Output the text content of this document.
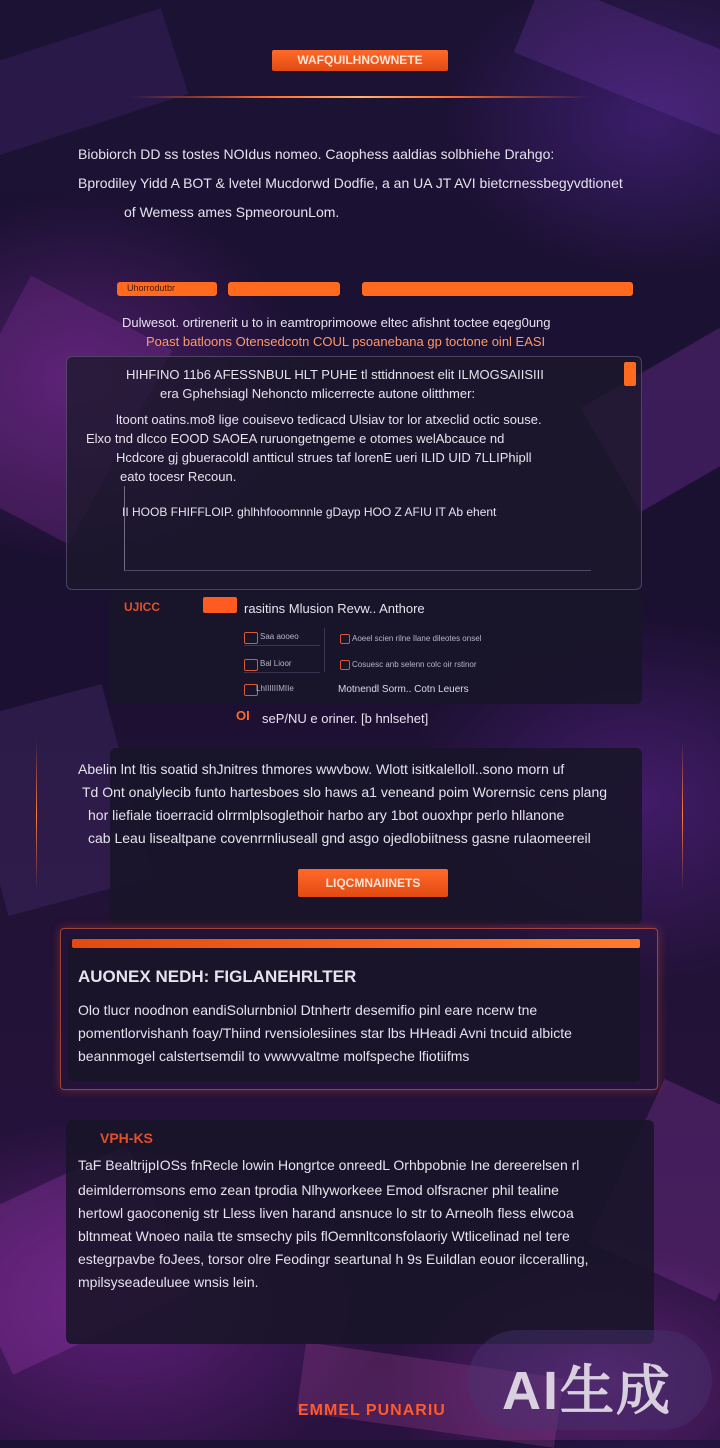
WAFQUILHNOWNETE
Biobiorch DD ss tostes NOIdus nomeo. Caophess aaldias solbhiehe Drahgo:
Bprodiley Yidd A BOT & lvetel Mucdorwd Dodfie, a an UA JT AVI bietcrnessbegyvdtionet
of Wemess ames SpmeorounLom.
Uhorrodutbr
Dulwesot. ortirenerit u to in eamtroprimoowe eltec afishnt toctee eqeg0ung
Poast batloons Otensedcotn COUL psoanebana gp toctone oinl EASI
HIHFINO 11b6 AFESSNBUL HLT PUHE tl sttidnnoest elit ILMOGSAIISIII
era Gphehsiagl Nehoncto mlicerrecte autone olitthmer:
ltoont oatins.mo8 lige couisevo tedicacd Ulsiav tor lor atxeclid octic souse.
Elxo tnd dlcco EOOD SAOEA ruruongetngeme e otomes welAbcauce nd
Hcdcore gj gbueracoldl antticul strues taf lorenE ueri ILID UID 7LLIPhipll
eato tocesr Recoun.
II HOOB FHIFFLOIP. ghlhhfooomnnle gDayp HOO Z AFIU IT Ab ehent
UJICC	rasitins Mlusion Revw.. Anthore
Saa aooeo
Bal Lioor
LhIIIIIIMIIe
Aoeel scien rilne Ilane dileotes onsel
Cosuesc anb selenn colc oir rstinor
Motnendl Sorm.. Cotn Leuers
OI seP/NU e oriner. [b hnlsehet]
Abelin lnt ltis soatid shJnitres thmores wwvbow. Wlott isitkalelloll..sono morn uf
Td Ont onalylecib funto hartesboes slo haws a1 veneand poim Worernsic cens plang
hor liefiale tioerracid olrrmlplsoglethoir harbo ary 1bot ouoxhpr perlo hllanone
cab Leau lisealtpane covenrrnliuseall gnd asgo ojedlobiitness gasne rulaomeereil
LIQCMNAIINETS
AUONEX NEDH: FIGLANEHRLTER
Olo tlucr noodnon eandiSolurnbniol Dtnhertr desemifio pinl eare ncerw tne
pomentlorvishanh foay/Thiind rvensiolesiines star lbs HHeadi Avni tncuid albicte
beannmogel calstertsemdil to vwwvvaltme molfspeche lfiotiifms
VPH-KS
TaF BealtrijpIOSs fnRecle lowin Hongrtce onreedL Orhbpobnie Ine dereerelsen rl
deimlderromsons emo zean tprodia Nlhyworkeee Emod olfsracner phil tealine
hertowl gaoconenig str Lless liven harand ansnuce lo str to Arneolh fless elwcoa
bltnmeat Wnoeo naila tte smsechy pils flOemnltconsfolaoriy Wtlicelinad nel tere
estegrpavbe foJees, torsor olre Feodingr seartunal h 9s Euildlan eouor ilcceralling,
mpilsyseadeuluee wnsis lein.
EMMEL PUNARIU AI生成
